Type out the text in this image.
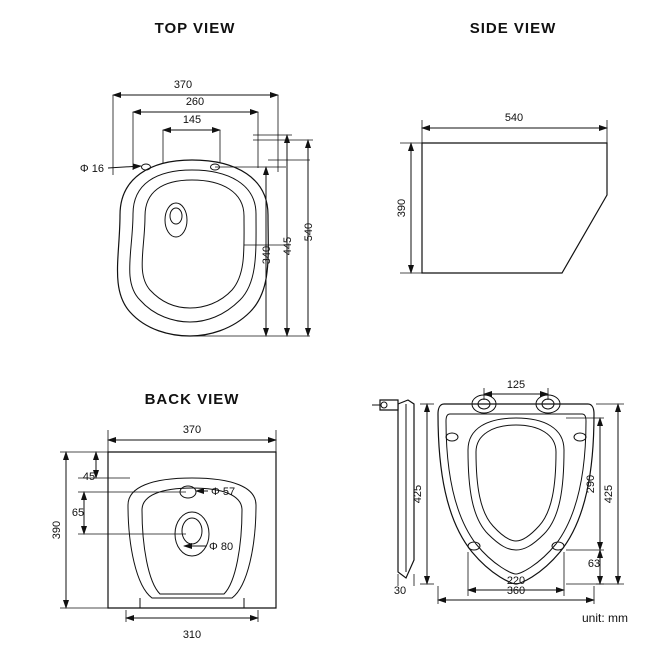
TOP VIEW
370
260
145
Φ 16
340 445
540
SIDE VIEW
540
390
BACK VIEW
370
390
45
65
310
Φ 57
Φ 80
30
125
425
290
63
425
220
360
unit: mm
